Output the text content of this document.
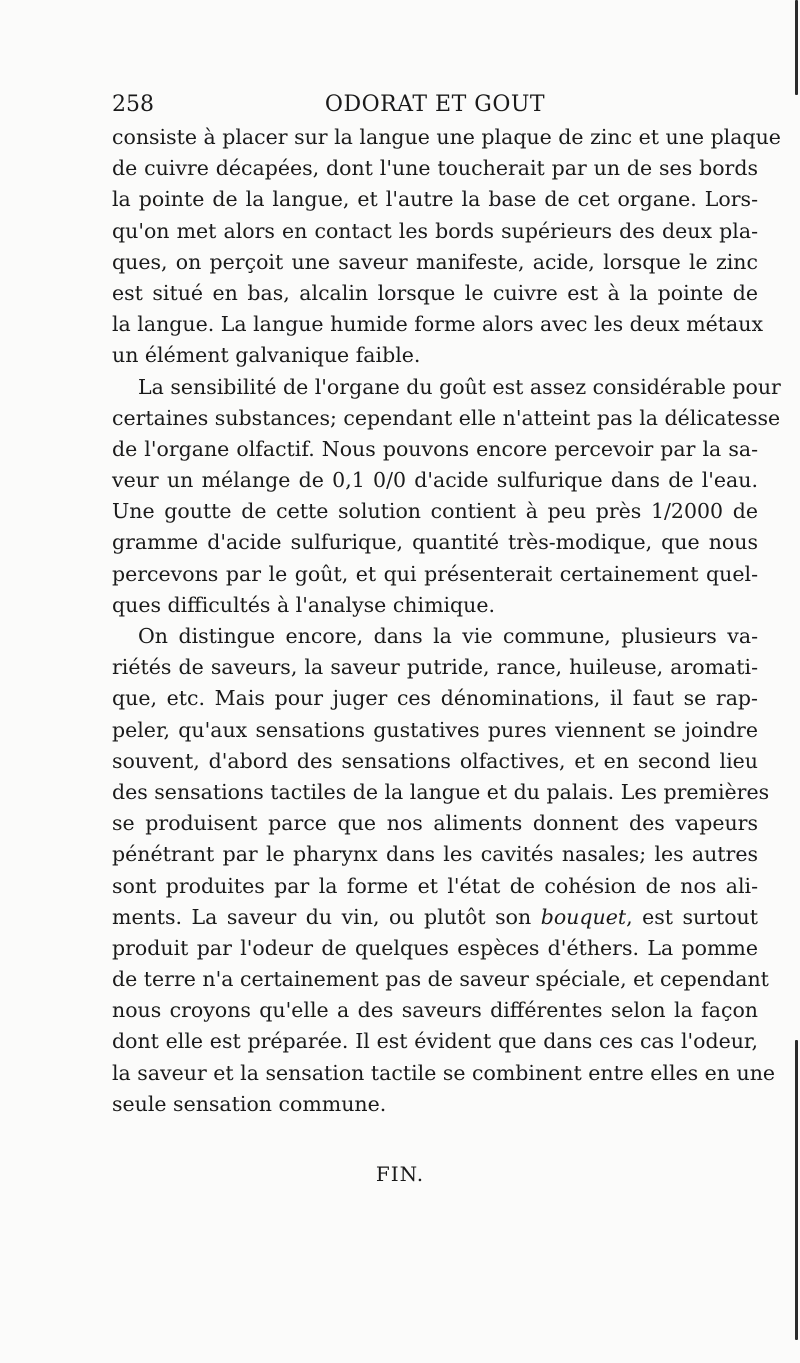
258	ODORAT ET GOUT
consiste à placer sur la langue une plaque de zinc et une plaque
de cuivre décapées, dont l'une toucherait par un de ses bords
la pointe de la langue, et l'autre la base de cet organe. Lors-
qu'on met alors en contact les bords supérieurs des deux pla-
ques, on perçoit une saveur manifeste, acide, lorsque le zinc
est situé en bas, alcalin lorsque le cuivre est à la pointe de
la langue. La langue humide forme alors avec les deux métaux
un élément galvanique faible.
La sensibilité de l'organe du goût est assez considérable pour
certaines substances; cependant elle n'atteint pas la délicatesse
de l'organe olfactif. Nous pouvons encore percevoir par la sa-
veur un mélange de 0,1 0/0 d'acide sulfurique dans de l'eau.
Une goutte de cette solution contient à peu près 1/2000 de
gramme d'acide sulfurique, quantité très-modique, que nous
percevons par le goût, et qui présenterait certainement quel-
ques difficultés à l'analyse chimique.
On distingue encore, dans la vie commune, plusieurs va-
riétés de saveurs, la saveur putride, rance, huileuse, aromati-
que, etc. Mais pour juger ces dénominations, il faut se rap-
peler, qu'aux sensations gustatives pures viennent se joindre
souvent, d'abord des sensations olfactives, et en second lieu
des sensations tactiles de la langue et du palais. Les premières
se produisent parce que nos aliments donnent des vapeurs
pénétrant par le pharynx dans les cavités nasales; les autres
sont produites par la forme et l'état de cohésion de nos ali-
ments. La saveur du vin, ou plutôt son bouquet, est surtout
produit par l'odeur de quelques espèces d'éthers. La pomme
de terre n'a certainement pas de saveur spéciale, et cependant
nous croyons qu'elle a des saveurs différentes selon la façon
dont elle est préparée. Il est évident que dans ces cas l'odeur,
la saveur et la sensation tactile se combinent entre elles en une
seule sensation commune.
FIN.
